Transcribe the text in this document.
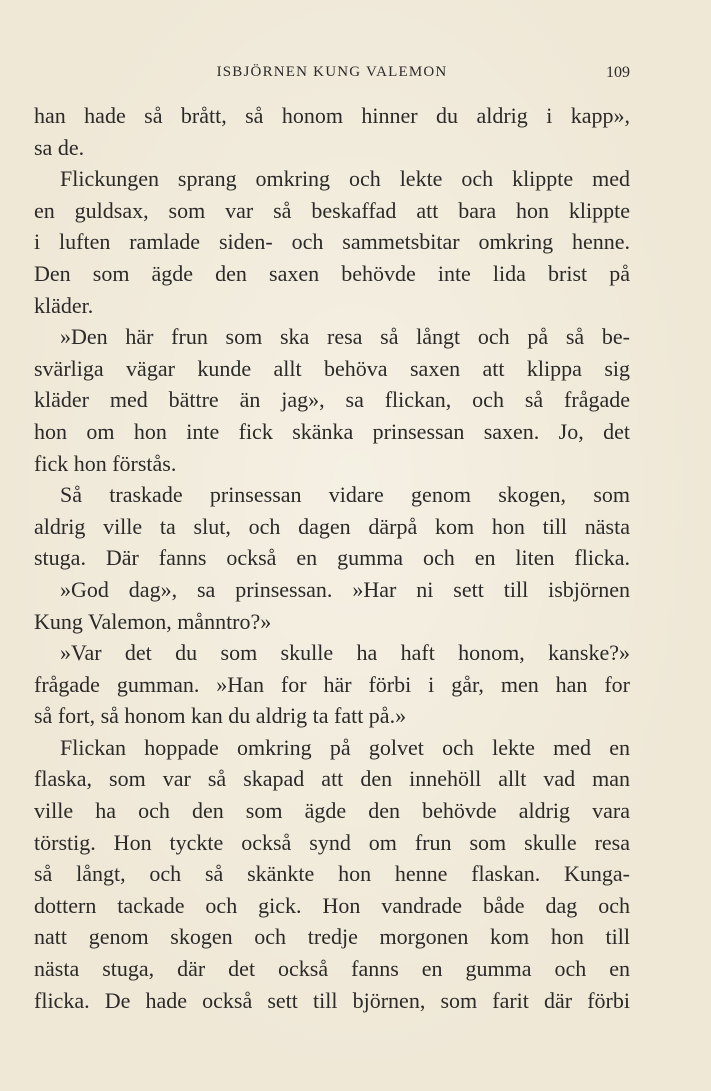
ISBJÖRNEN KUNG VALEMON	109
han hade så brått, så honom hinner du aldrig i kapp»,
sa de.
Flickungen sprang omkring och lekte och klippte med
en guldsax, som var så beskaffad att bara hon klippte
i luften ramlade siden- och sammetsbitar omkring henne.
Den som ägde den saxen behövde inte lida brist på
kläder.
»Den här frun som ska resa så långt och på så be-
svärliga vägar kunde allt behöva saxen att klippa sig
kläder med bättre än jag», sa flickan, och så frågade
hon om hon inte fick skänka prinsessan saxen. Jo, det
fick hon förstås.
Så traskade prinsessan vidare genom skogen, som
aldrig ville ta slut, och dagen därpå kom hon till nästa
stuga. Där fanns också en gumma och en liten flicka.
»God dag», sa prinsessan. »Har ni sett till isbjörnen
Kung Valemon, månntro?»
»Var det du som skulle ha haft honom, kanske?»
frågade gumman. »Han for här förbi i går, men han for
så fort, så honom kan du aldrig ta fatt på.»
Flickan hoppade omkring på golvet och lekte med en
flaska, som var så skapad att den innehöll allt vad man
ville ha och den som ägde den behövde aldrig vara
törstig. Hon tyckte också synd om frun som skulle resa
så långt, och så skänkte hon henne flaskan. Kunga-
dottern tackade och gick. Hon vandrade både dag och
natt genom skogen och tredje morgonen kom hon till
nästa stuga, där det också fanns en gumma och en
flicka. De hade också sett till björnen, som farit där förbi
